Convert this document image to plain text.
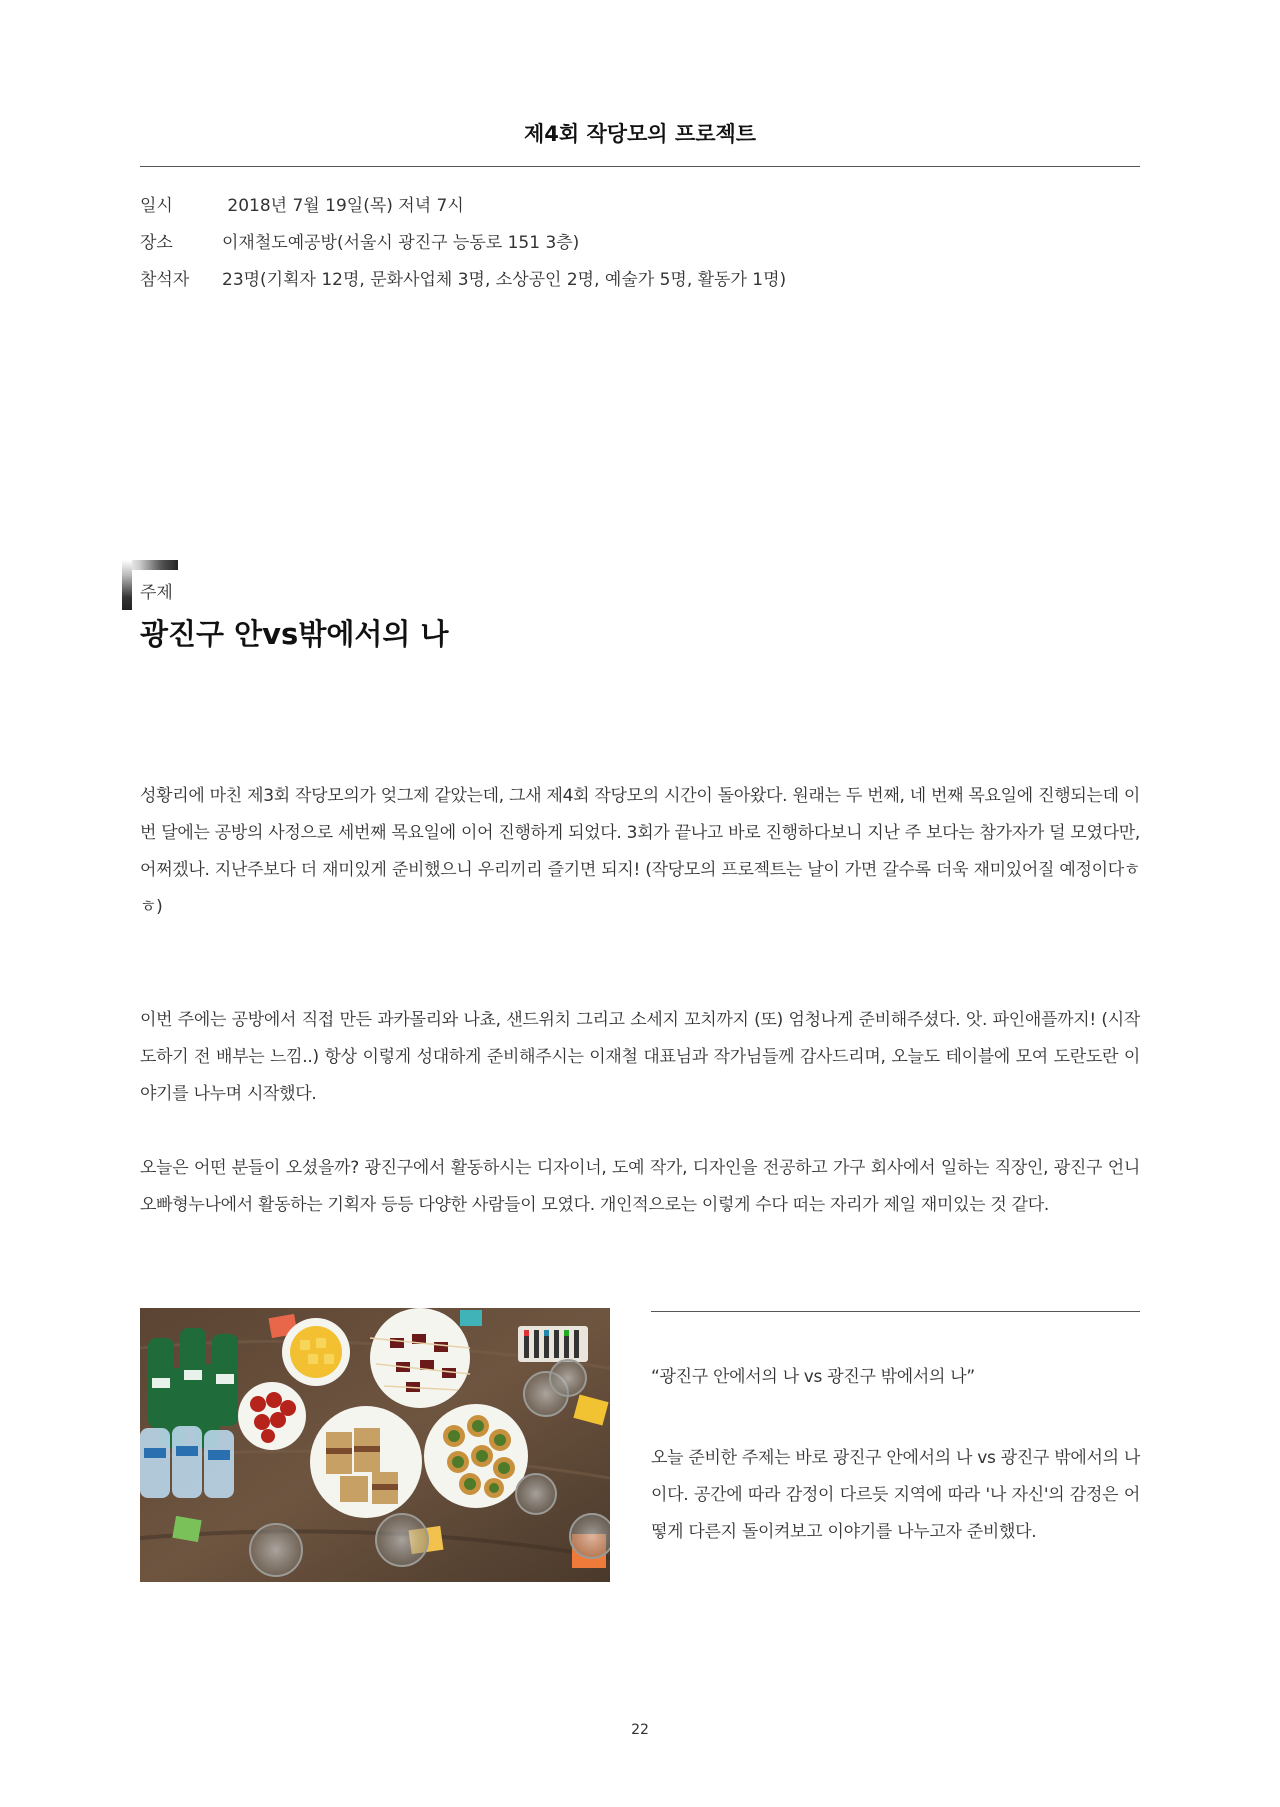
제4회 작당모의 프로젝트
일시	2018년 7월 19일(목) 저녁 7시
장소	이재철도예공방(서울시 광진구 능동로 151 3층)
참석자 23명(기획자 12명, 문화사업체 3명, 소상공인 2명, 예술가 5명, 활동가 1명)
주제
광진구 안vs밖에서의 나
성황리에 마친 제3회 작당모의가 엊그제 같았는데, 그새 제4회 작당모의 시간이 돌아왔다. 원래는 두 번째, 네 번째 목요일에 진행되는데 이번 달에는 공방의 사정으로 세번째 목요일에 이어 진행하게 되었다. 3회가 끝나고 바로 진행하다보니 지난 주 보다는 참가자가 덜 모였다만, 어쩌겠나. 지난주보다 더 재미있게 준비했으니 우리끼리 즐기면 되지! (작당모의 프로젝트는 날이 가면 갈수록 더욱 재미있어질 예정이다ㅎㅎ)
이번 주에는 공방에서 직접 만든 과카몰리와 나쵸, 샌드위치 그리고 소세지 꼬치까지 (또) 엄청나게 준비해주셨다. 앗. 파인애플까지! (시작도하기 전 배부는 느낌..) 항상 이렇게 성대하게 준비해주시는 이재철 대표님과 작가님들께 감사드리며, 오늘도 테이블에 모여 도란도란 이야기를 나누며 시작했다.
오늘은 어떤 분들이 오셨을까? 광진구에서 활동하시는 디자이너, 도예 작가, 디자인을 전공하고 가구 회사에서 일하는 직장인, 광진구 언니오빠형누나에서 활동하는 기획자 등등 다양한 사람들이 모였다. 개인적으로는 이렇게 수다 떠는 자리가 제일 재미있는 것 같다.
“광진구 안에서의 나 vs 광진구 밖에서의 나”
오늘 준비한 주제는 바로 광진구 안에서의 나 vs 광진구 밖에서의 나이다. 공간에 따라 감정이 다르듯 지역에 따라 '나 자신'의 감정은 어떻게 다른지 돌이켜보고 이야기를 나누고자 준비했다.
22
